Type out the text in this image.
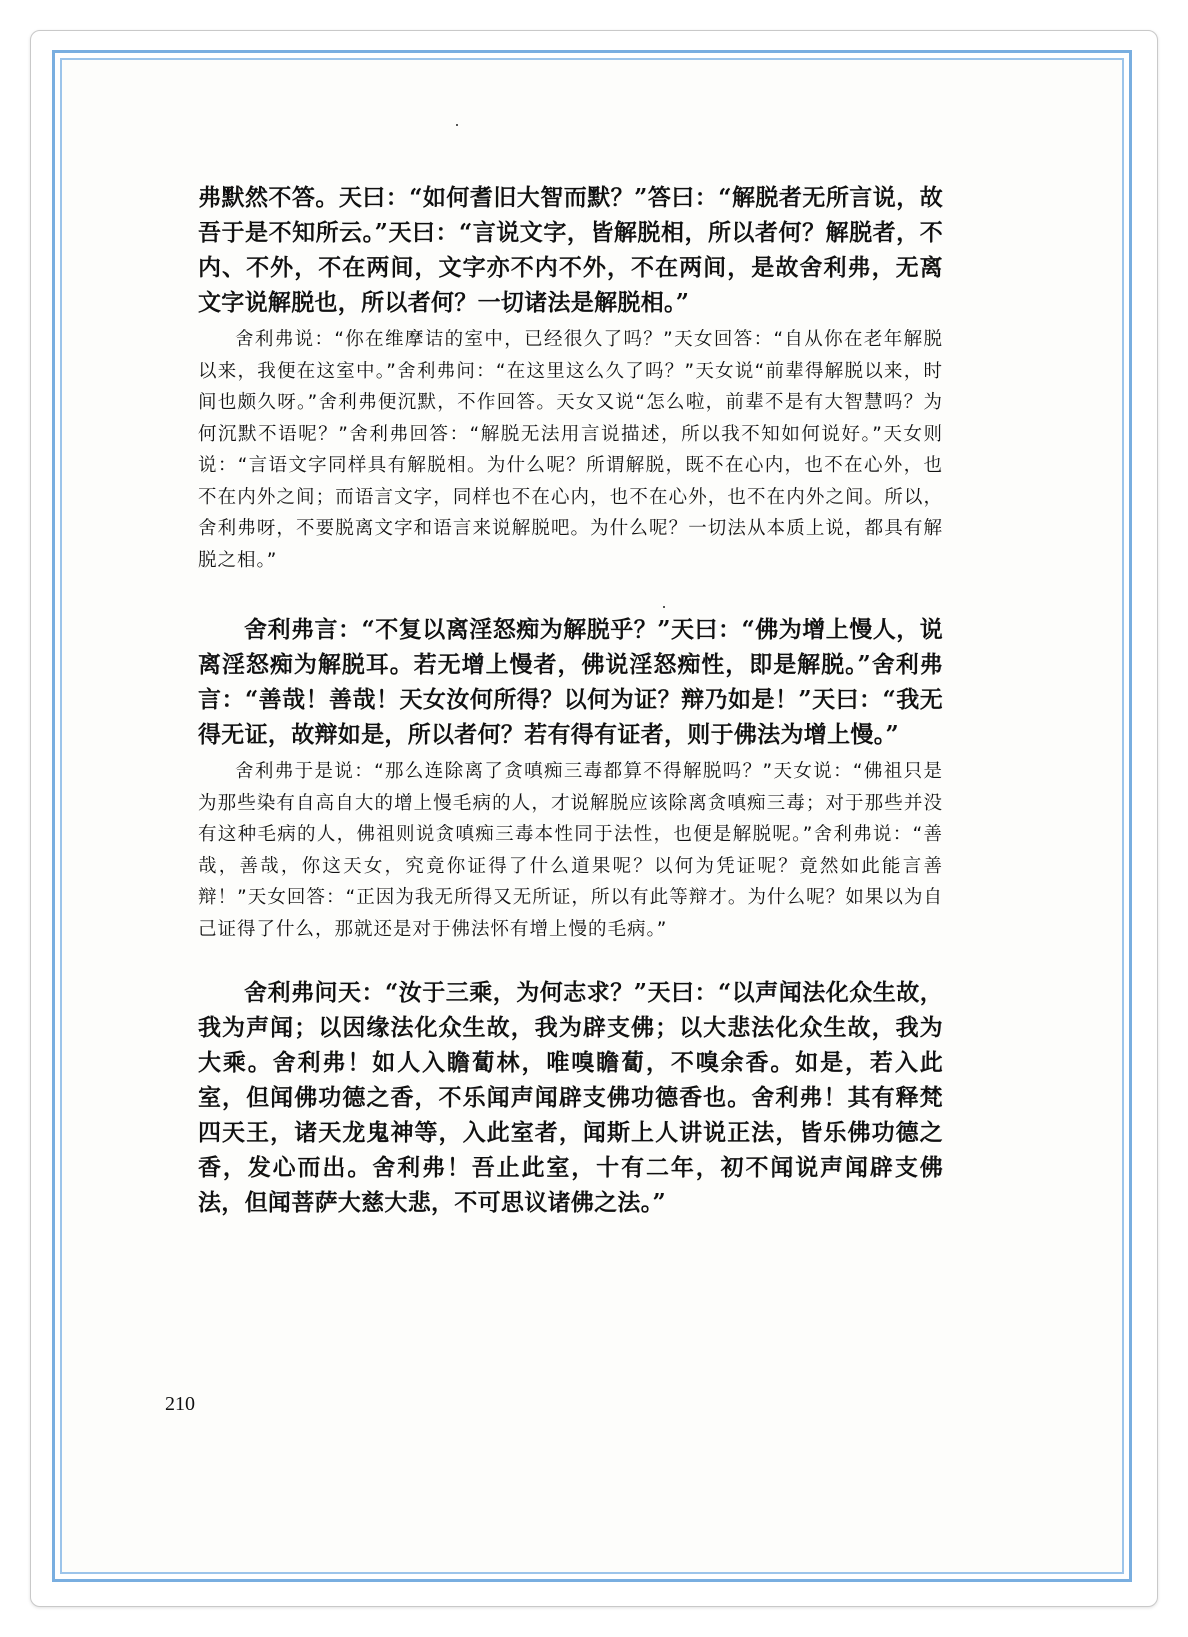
弗默然不答。天曰：“如何耆旧大智而默？”答曰：“解脱者无所言说，故吾于是不知所云。”天曰：“言说文字，皆解脱相，所以者何？解脱者，不内、不外，不在两间，文字亦不内不外，不在两间，是故舍利弗，无离文字说解脱也，所以者何？一切诸法是解脱相。”

舍利弗说：“你在维摩诘的室中，已经很久了吗？”天女回答：“自从你在老年解脱以来，我便在这室中。”舍利弗问：“在这里这么久了吗？”天女说“前辈得解脱以来，时间也颇久呀。”舍利弗便沉默，不作回答。天女又说“怎么啦，前辈不是有大智慧吗？为何沉默不语呢？”舍利弗回答：“解脱无法用言说描述，所以我不知如何说好。”天女则说：“言语文字同样具有解脱相。为什么呢？所谓解脱，既不在心内，也不在心外，也不在内外之间；而语言文字，同样也不在心内，也不在心外，也不在内外之间。所以，舍利弗呀，不要脱离文字和语言来说解脱吧。为什么呢？一切法从本质上说，都具有解脱之相。”

舍利弗言：“不复以离淫怒痴为解脱乎？”天曰：“佛为增上慢人，说离淫怒痴为解脱耳。若无增上慢者，佛说淫怒痴性，即是解脱。”舍利弗言：“善哉！善哉！天女汝何所得？以何为证？辩乃如是！”天曰：“我无得无证，故辩如是，所以者何？若有得有证者，则于佛法为增上慢。”

舍利弗于是说：“那么连除离了贪嗔痴三毒都算不得解脱吗？”天女说：“佛祖只是为那些染有自高自大的增上慢毛病的人，才说解脱应该除离贪嗔痴三毒；对于那些并没有这种毛病的人，佛祖则说贪嗔痴三毒本性同于法性，也便是解脱呢。”舍利弗说：“善哉，善哉，你这天女，究竟你证得了什么道果呢？以何为凭证呢？竟然如此能言善辩！”天女回答：“正因为我无所得又无所证，所以有此等辩才。为什么呢？如果以为自己证得了什么，那就还是对于佛法怀有增上慢的毛病。”

舍利弗问天：“汝于三乘，为何志求？”天曰：“以声闻法化众生故，我为声闻；以因缘法化众生故，我为辟支佛；以大悲法化众生故，我为大乘。舍利弗！如人入瞻蔔林，唯嗅瞻蔔，不嗅余香。如是，若入此室，但闻佛功德之香，不乐闻声闻辟支佛功德香也。舍利弗！其有释梵四天王，诸天龙鬼神等，入此室者，闻斯上人讲说正法，皆乐佛功德之香，发心而出。舍利弗！吾止此室，十有二年，初不闻说声闻辟支佛法，但闻菩萨大慈大悲，不可思议诸佛之法。”

210
